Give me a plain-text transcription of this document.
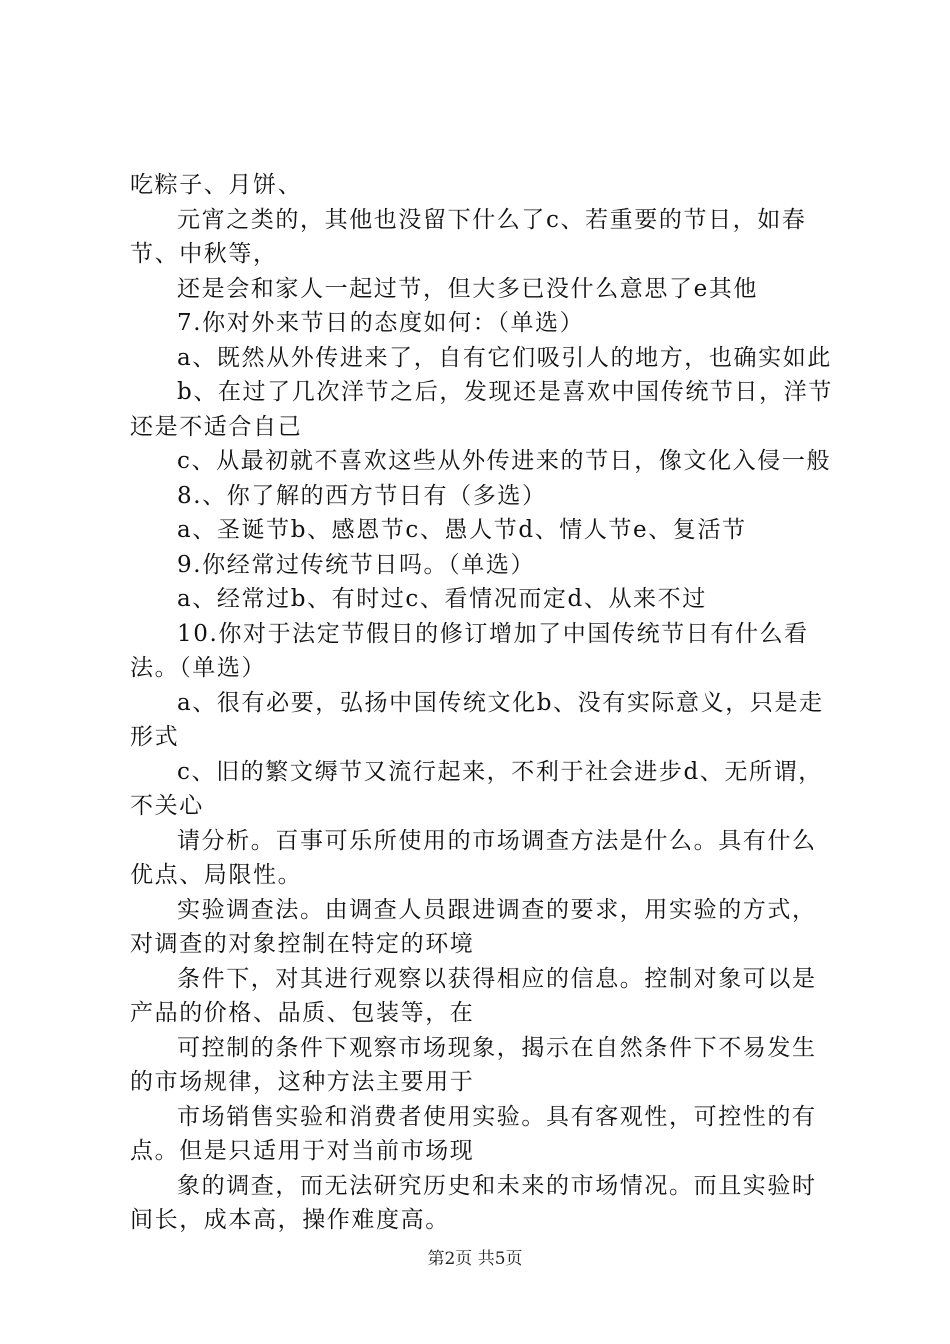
吃粽子、月饼、

元宵之类的，其他也没留下什么了c、若重要的节日，如春节、中秋等，

还是会和家人一起过节，但大多已没什么意思了e其他

7.你对外来节日的态度如何：（单选）

a、既然从外传进来了，自有它们吸引人的地方，也确实如此

b、在过了几次洋节之后，发现还是喜欢中国传统节日，洋节还是不适合自己

c、从最初就不喜欢这些从外传进来的节日，像文化入侵一般

8.、你了解的西方节日有（多选）

a、圣诞节b、感恩节c、愚人节d、情人节e、复活节

9.你经常过传统节日吗。（单选）

a、经常过b、有时过c、看情况而定d、从来不过

10.你对于法定节假日的修订增加了中国传统节日有什么看法。（单选）

a、很有必要，弘扬中国传统文化b、没有实际意义，只是走形式

c、旧的繁文缛节又流行起来，不利于社会进步d、无所谓，不关心

请分析。百事可乐所使用的市场调查方法是什么。具有什么优点、局限性。

实验调查法。由调查人员跟进调查的要求，用实验的方式，对调查的对象控制在特定的环境

条件下，对其进行观察以获得相应的信息。控制对象可以是产品的价格、品质、包装等，在

可控制的条件下观察市场现象，揭示在自然条件下不易发生的市场规律，这种方法主要用于

市场销售实验和消费者使用实验。具有客观性，可控性的有点。但是只适用于对当前市场现

象的调查，而无法研究历史和未来的市场情况。而且实验时间长，成本高，操作难度高。

第2页 共5页
